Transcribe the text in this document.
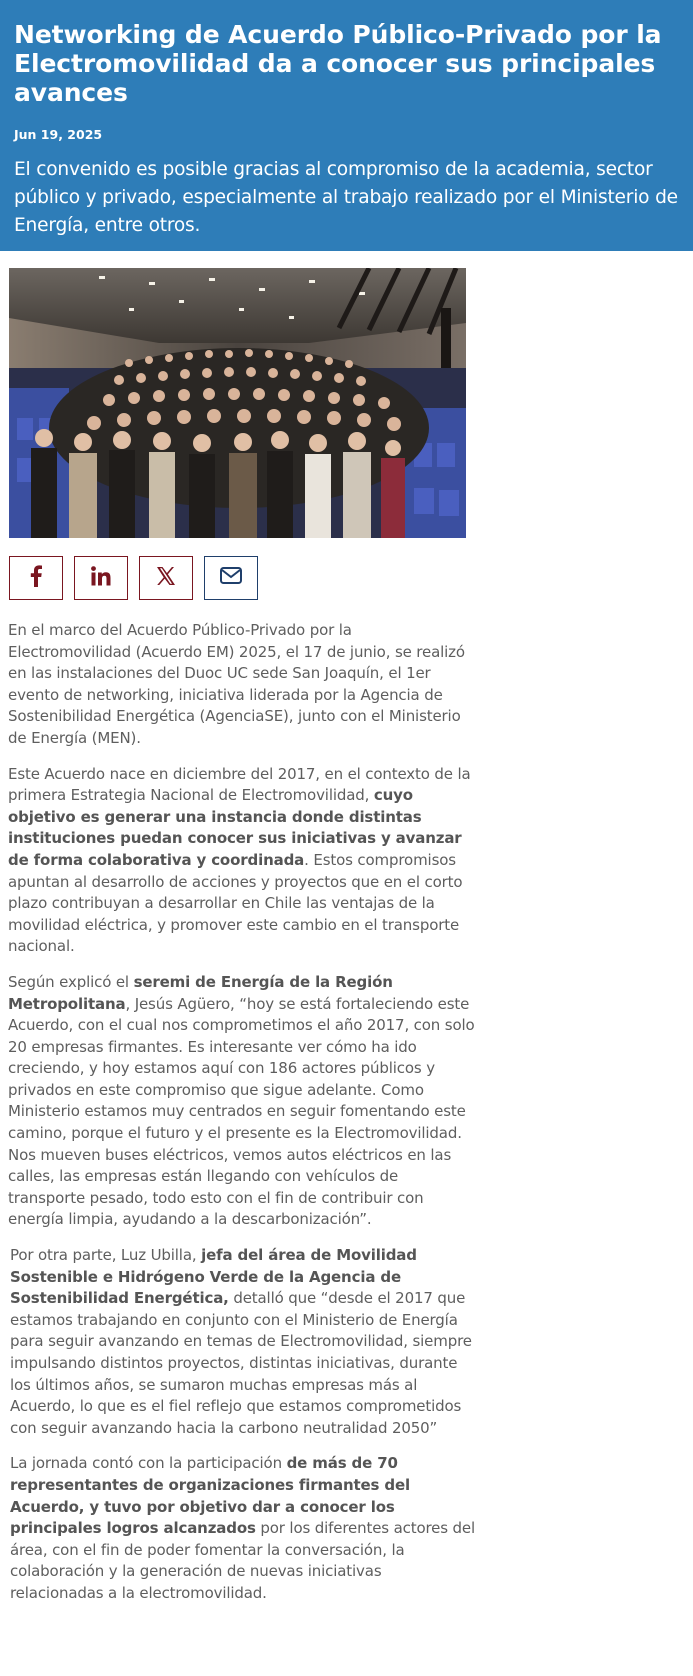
Networking de Acuerdo Público-Privado por la Electromovilidad da a conocer sus principales avances
Jun 19, 2025
El convenido es posible gracias al compromiso de la academia, sector público y privado, especialmente al trabajo realizado por el Ministerio de Energía, entre otros.

En el marco del Acuerdo Público-Privado por la Electromovilidad (Acuerdo EM) 2025, el 17 de junio, se realizó en las instalaciones del Duoc UC sede San Joaquín, el 1er evento de networking, iniciativa liderada por la Agencia de Sostenibilidad Energética (AgenciaSE), junto con el Ministerio de Energía (MEN).

Este Acuerdo nace en diciembre del 2017, en el contexto de la primera Estrategia Nacional de Electromovilidad, cuyo objetivo es generar una instancia donde distintas instituciones puedan conocer sus iniciativas y avanzar de forma colaborativa y coordinada. Estos compromisos apuntan al desarrollo de acciones y proyectos que en el corto plazo contribuyan a desarrollar en Chile las ventajas de la movilidad eléctrica, y promover este cambio en el transporte nacional.

Según explicó el seremi de Energía de la Región Metropolitana, Jesús Agüero, “hoy se está fortaleciendo este Acuerdo, con el cual nos comprometimos el año 2017, con solo 20 empresas firmantes. Es interesante ver cómo ha ido creciendo, y hoy estamos aquí con 186 actores públicos y privados en este compromiso que sigue adelante. Como Ministerio estamos muy centrados en seguir fomentando este camino, porque el futuro y el presente es la Electromovilidad. Nos mueven buses eléctricos, vemos autos eléctricos en las calles, las empresas están llegando con vehículos de transporte pesado, todo esto con el fin de contribuir con energía limpia, ayudando a la descarbonización”.

Por otra parte, Luz Ubilla, jefa del área de Movilidad Sostenible e Hidrógeno Verde de la Agencia de Sostenibilidad Energética, detalló que “desde el 2017 que estamos trabajando en conjunto con el Ministerio de Energía para seguir avanzando en temas de Electromovilidad, siempre impulsando distintos proyectos, distintas iniciativas, durante los últimos años, se sumaron muchas empresas más al Acuerdo, lo que es el fiel reflejo que estamos comprometidos con seguir avanzando hacia la carbono neutralidad 2050”

La jornada contó con la participación de más de 70 representantes de organizaciones firmantes del Acuerdo, y tuvo por objetivo dar a conocer los principales logros alcanzados por los diferentes actores del área, con el fin de poder fomentar la conversación, la colaboración y la generación de nuevas iniciativas relacionadas a la electromovilidad.
